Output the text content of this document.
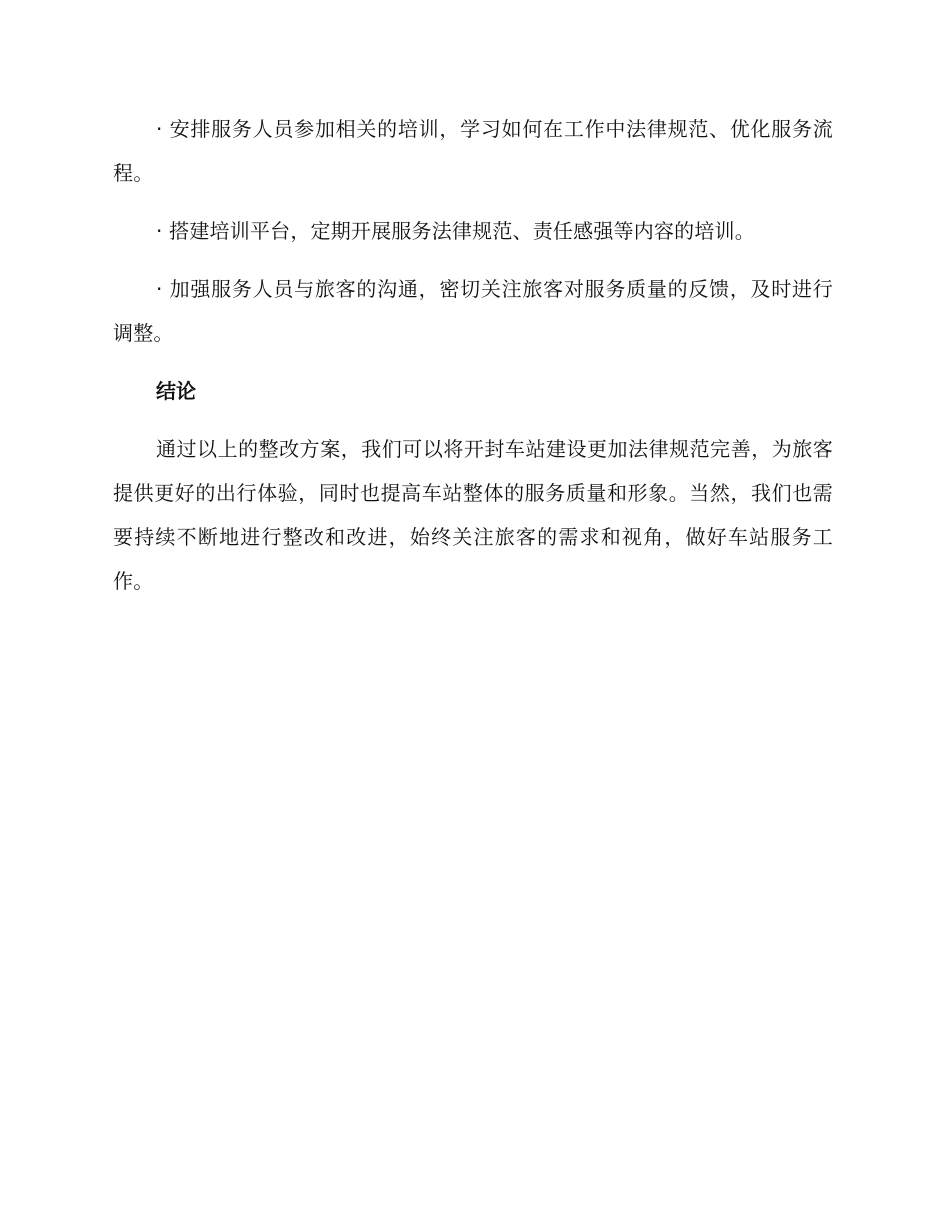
· 安排服务人员参加相关的培训，学习如何在工作中法律规范、优化服务流程。

· 搭建培训平台，定期开展服务法律规范、责任感强等内容的培训。

· 加强服务人员与旅客的沟通，密切关注旅客对服务质量的反馈，及时进行调整。

结论

通过以上的整改方案，我们可以将开封车站建设更加法律规范完善，为旅客提供更好的出行体验，同时也提高车站整体的服务质量和形象。当然，我们也需要持续不断地进行整改和改进，始终关注旅客的需求和视角，做好车站服务工作。
